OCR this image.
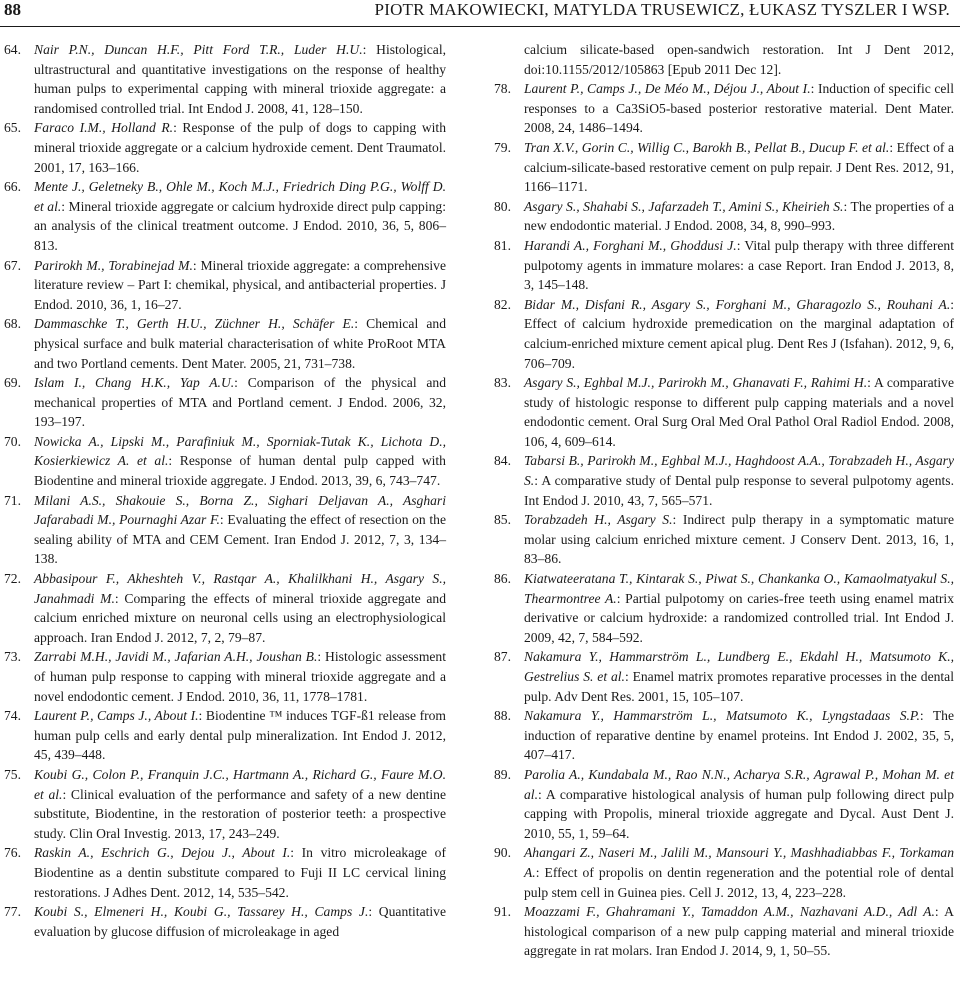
88	PIOTR MAKOWIECKI, MATYLDA TRUSEWICZ, ŁUKASZ TYSZLER I WSP.

64. Nair P.N., Duncan H.F., Pitt Ford T.R., Luder H.U.: Histological, ultrastructural and quantitative investigations on the response of healthy human pulps to experimental capping with mineral trioxide aggregate: a randomised controlled trial. Int Endod J. 2008, 41, 128–150.

65. Faraco I.M., Holland R.: Response of the pulp of dogs to capping with mineral trioxide aggregate or a calcium hydroxide cement. Dent Traumatol. 2001, 17, 163–166.

66. Mente J., Geletneky B., Ohle M., Koch M.J., Friedrich Ding P.G., Wolff D. et al.: Mineral trioxide aggregate or calcium hydroxide direct pulp capping: an analysis of the clinical treatment outcome. J Endod. 2010, 36, 5, 806–813.

67. Parirokh M., Torabinejad M.: Mineral trioxide aggregate: a comprehensive literature review – Part I: chemikal, physical, and antibacterial properties. J Endod. 2010, 36, 1, 16–27.

68. Dammaschke T., Gerth H.U., Züchner H., Schäfer E.: Chemical and physical surface and bulk material characterisation of white ProRoot MTA and two Portland cements. Dent Mater. 2005, 21, 731–738.

69. Islam I., Chang H.K., Yap A.U.: Comparison of the physical and mechanical properties of MTA and Portland cement. J Endod. 2006, 32, 193–197.

70. Nowicka A., Lipski M., Parafiniuk M., Sporniak-Tutak K., Lichota D., Kosierkiewicz A. et al.: Response of human dental pulp capped with Biodentine and mineral trioxide aggregate. J Endod. 2013, 39, 6, 743–747.

71. Milani A.S., Shakouie S., Borna Z., Sighari Deljavan A., Asghari Jafarabadi M., Pournaghi Azar F.: Evaluating the effect of resection on the sealing ability of MTA and CEM Cement. Iran Endod J. 2012, 7, 3, 134–138.

72. Abbasipour F., Akheshteh V., Rastqar A., Khalilkhani H., Asgary S., Janahmadi M.: Comparing the effects of mineral trioxide aggregate and calcium enriched mixture on neuronal cells using an electrophysiological approach. Iran Endod J. 2012, 7, 2, 79–87.

73. Zarrabi M.H., Javidi M., Jafarian A.H., Joushan B.: Histologic assessment of human pulp response to capping with mineral trioxide aggregate and a novel endodontic cement. J Endod. 2010, 36, 11, 1778–1781.

74. Laurent P., Camps J., About I.: Biodentine ™ induces TGF-ß1 release from human pulp cells and early dental pulp mineralization. Int Endod J. 2012, 45, 439–448.

75. Koubi G., Colon P., Franquin J.C., Hartmann A., Richard G., Faure M.O. et al.: Clinical evaluation of the performance and safety of a new dentine substitute, Biodentine, in the restoration of posterior teeth: a prospective study. Clin Oral Investig. 2013, 17, 243–249.

76. Raskin A., Eschrich G., Dejou J., About I.: In vitro microleakage of Biodentine as a dentin substitute compared to Fuji II LC cervical lining restorations. J Adhes Dent. 2012, 14, 535–542.

77. Koubi S., Elmeneri H., Koubi G., Tassarey H., Camps J.: Quantitative evaluation by glucose diffusion of microleakage in aged

calcium silicate-based open-sandwich restoration. Int J Dent 2012, doi:10.1155/2012/105863 [Epub 2011 Dec 12].

78. Laurent P., Camps J., De Méo M., Déjou J., About I.: Induction of specific cell responses to a Ca3SiO5-based posterior restorative material. Dent Mater. 2008, 24, 1486–1494.

79. Tran X.V., Gorin C., Willig C., Barokh B., Pellat B., Ducup F. et al.: Effect of a calcium-silicate-based restorative cement on pulp repair. J Dent Res. 2012, 91, 1166–1171.

80. Asgary S., Shahabi S., Jafarzadeh T., Amini S., Kheirieh S.: The properties of a new endodontic material. J Endod. 2008, 34, 8, 990–993.

81. Harandi A., Forghani M., Ghoddusi J.: Vital pulp therapy with three different pulpotomy agents in immature molares: a case Report. Iran Endod J. 2013, 8, 3, 145–148.

82. Bidar M., Disfani R., Asgary S., Forghani M., Gharagozlo S., Rouhani A.: Effect of calcium hydroxide premedication on the marginal adaptation of calcium-enriched mixture cement apical plug. Dent Res J (Isfahan). 2012, 9, 6, 706–709.

83. Asgary S., Eghbal M.J., Parirokh M., Ghanavati F., Rahimi H.: A comparative study of histologic response to different pulp capping materials and a novel endodontic cement. Oral Surg Oral Med Oral Pathol Oral Radiol Endod. 2008, 106, 4, 609–614.

84. Tabarsi B., Parirokh M., Eghbal M.J., Haghdoost A.A., Torabzadeh H., Asgary S.: A comparative study of Dental pulp response to several pulpotomy agents. Int Endod J. 2010, 43, 7, 565–571.

85. Torabzadeh H., Asgary S.: Indirect pulp therapy in a symptomatic mature molar using calcium enriched mixture cement. J Conserv Dent. 2013, 16, 1, 83–86.

86. Kiatwateeratana T., Kintarak S., Piwat S., Chankanka O., Kamaolmatyakul S., Thearmontree A.: Partial pulpotomy on caries-free teeth using enamel matrix derivative or calcium hydroxide: a randomized controlled trial. Int Endod J. 2009, 42, 7, 584–592.

87. Nakamura Y., Hammarström L., Lundberg E., Ekdahl H., Matsumoto K., Gestrelius S. et al.: Enamel matrix promotes reparative processes in the dental pulp. Adv Dent Res. 2001, 15, 105–107.

88. Nakamura Y., Hammarström L., Matsumoto K., Lyngstadaas S.P.: The induction of reparative dentine by enamel proteins. Int Endod J. 2002, 35, 5, 407–417.

89. Parolia A., Kundabala M., Rao N.N., Acharya S.R., Agrawal P., Mohan M. et al.: A comparative histological analysis of human pulp following direct pulp capping with Propolis, mineral trioxide aggregate and Dycal. Aust Dent J. 2010, 55, 1, 59–64.

90. Ahangari Z., Naseri M., Jalili M., Mansouri Y., Mashhadiabbas F., Torkaman A.: Effect of propolis on dentin regeneration and the potential role of dental pulp stem cell in Guinea pies. Cell J. 2012, 13, 4, 223–228.

91. Moazzami F., Ghahramani Y., Tamaddon A.M., Nazhavani A.D., Adl A.: A histological comparison of a new pulp capping material and mineral trioxide aggregate in rat molars. Iran Endod J. 2014, 9, 1, 50–55.
